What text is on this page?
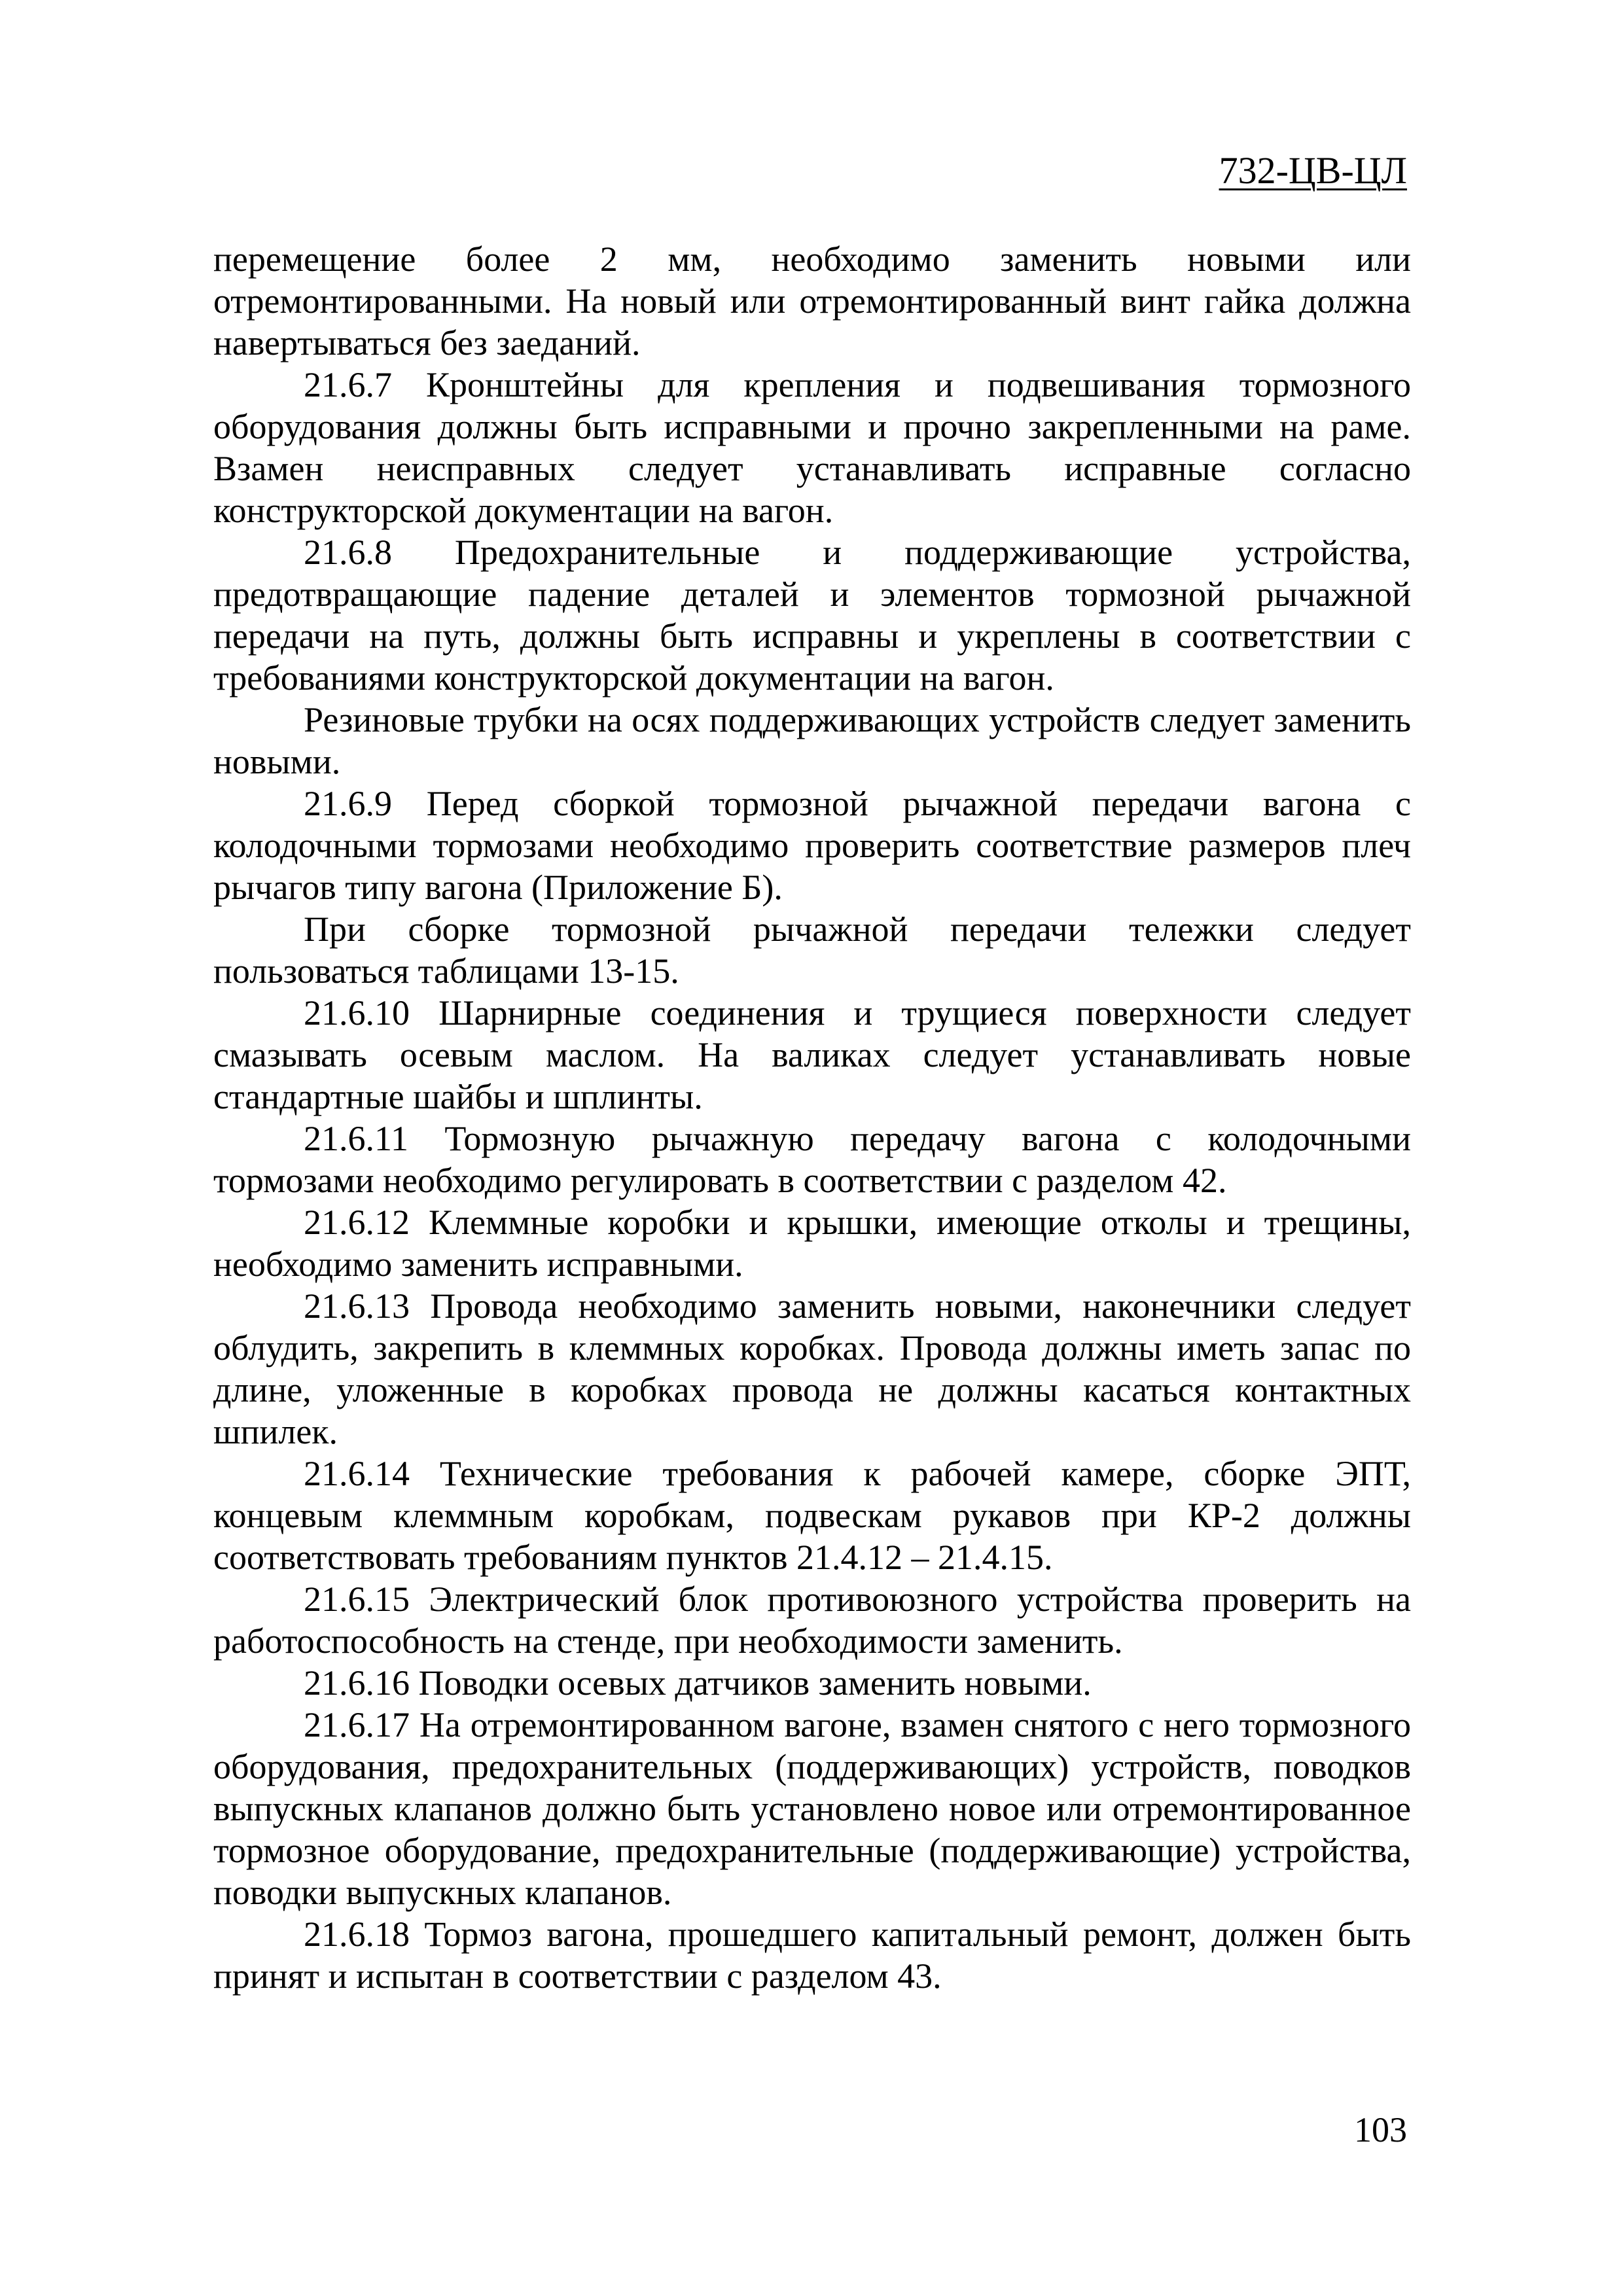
732-ЦВ-ЦЛ

перемещение более 2 мм, необходимо заменить новыми или отремонтированными. На новый или отремонтированный винт гайка должна навертываться без заеданий.

21.6.7 Кронштейны для крепления и подвешивания тормозного оборудования должны быть исправными и прочно закрепленными на раме. Взамен неисправных следует устанавливать исправные согласно конструкторской документации на вагон.

21.6.8 Предохранительные и поддерживающие устройства, предотвращающие падение деталей и элементов тормозной рычажной передачи на путь, должны быть исправны и укреплены в соответствии с требованиями конструкторской документации на вагон.

Резиновые трубки на осях поддерживающих устройств следует заменить новыми.

21.6.9 Перед сборкой тормозной рычажной передачи вагона с колодочными тормозами необходимо проверить соответствие размеров плеч рычагов типу вагона (Приложение Б).

При сборке тормозной рычажной передачи тележки следует пользоваться таблицами 13-15.

21.6.10 Шарнирные соединения и трущиеся поверхности следует смазывать осевым маслом. На валиках следует устанавливать новые стандартные шайбы и шплинты.

21.6.11 Тормозную рычажную передачу вагона с колодочными тормозами необходимо регулировать в соответствии с разделом 42.

21.6.12 Клеммные коробки и крышки, имеющие отколы и трещины, необходимо заменить исправными.

21.6.13 Провода необходимо заменить новыми, наконечники следует облудить, закрепить в клеммных коробках. Провода должны иметь запас по длине, уложенные в коробках провода не должны касаться контактных шпилек.

21.6.14 Технические требования к рабочей камере, сборке ЭПТ, концевым клеммным коробкам, подвескам рукавов при КР-2 должны соответствовать требованиям пунктов 21.4.12 – 21.4.15.

21.6.15 Электрический блок противоюзного устройства проверить на работоспособность на стенде, при необходимости заменить.

21.6.16 Поводки осевых датчиков заменить новыми.

21.6.17 На отремонтированном вагоне, взамен снятого с него тормозного оборудования, предохранительных (поддерживающих) устройств, поводков выпускных клапанов должно быть установлено новое или отремонтированное тормозное оборудование, предохранительные (поддерживающие) устройства, поводки выпускных клапанов.

21.6.18 Тормоз вагона, прошедшего капитальный ремонт, должен быть принят и испытан в соответствии с разделом 43.

103
